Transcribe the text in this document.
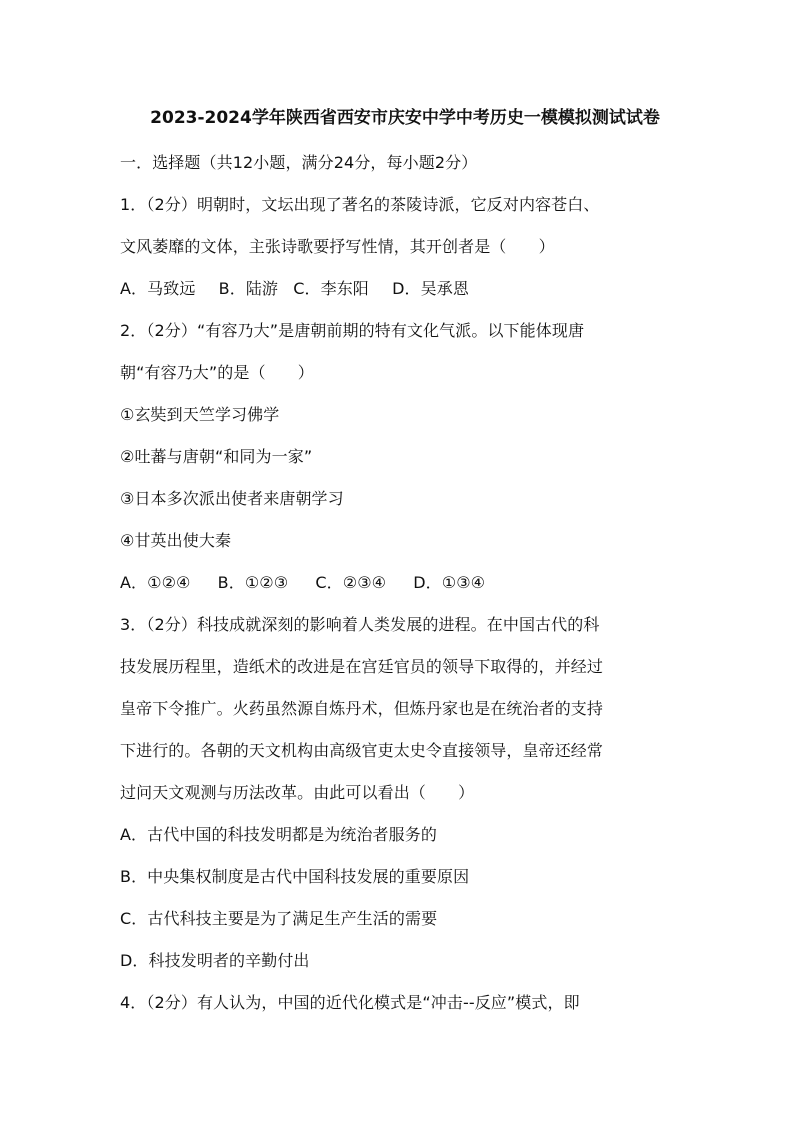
2023-2024学年陕西省西安市庆安中学中考历史一模模拟测试试卷
一．选择题（共12小题，满分24分，每小题2分）
1．（2分）明朝时，文坛出现了著名的茶陵诗派，它反对内容苍白、
文风萎靡的文体，主张诗歌要抒写性情，其开创者是（　　）
A．马致远 B．陆游 C．李东阳 D．吴承恩
2．（2分）“有容乃大”是唐朝前期的特有文化气派。以下能体现唐
朝“有容乃大”的是（　　）
①玄奘到天竺学习佛学
②吐蕃与唐朝“和同为一家”
③日本多次派出使者来唐朝学习
④甘英出使大秦
A．①②④ B．①②③ C．②③④ D．①③④
3．（2分）科技成就深刻的影响着人类发展的进程。在中国古代的科
技发展历程里，造纸术的改进是在宫廷官员的领导下取得的，并经过
皇帝下令推广。火药虽然源自炼丹术，但炼丹家也是在统治者的支持
下进行的。各朝的天文机构由高级官吏太史令直接领导，皇帝还经常
过问天文观测与历法改革。由此可以看出（　　）
A．古代中国的科技发明都是为统治者服务的
B．中央集权制度是古代中国科技发展的重要原因
C．古代科技主要是为了满足生产生活的需要
D．科技发明者的辛勤付出
4．（2分）有人认为，中国的近代化模式是“冲击--反应”模式，即
